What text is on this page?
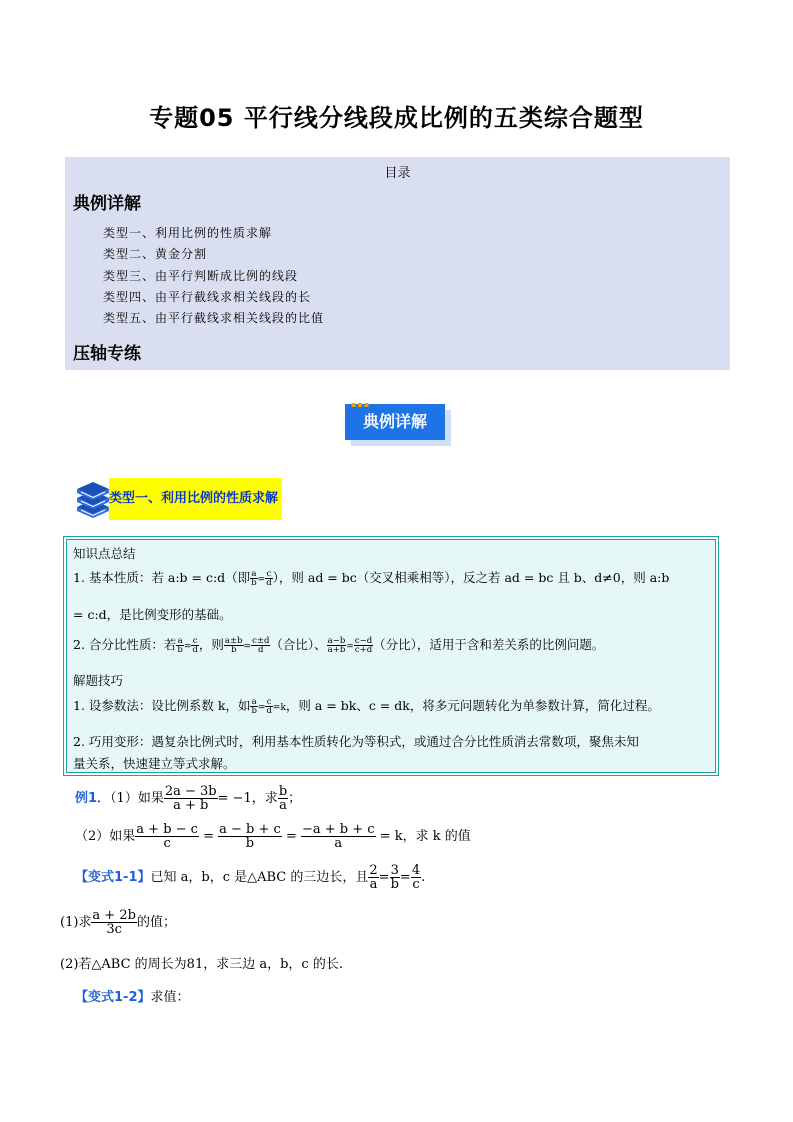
专题05 平行线分线段成比例的五类综合题型
目录
典例详解
类型一、利用比例的性质求解
类型二、黄金分割
类型三、由平行判断成比例的线段
类型四、由平行截线求相关线段的长
类型五、由平行截线求相关线段的比值
压轴专练
典例详解
▪▪▪
类型一、利用比例的性质求解
知识点总结
1. 基本性质：若 a:b = c:d（即 $\frac{a}{b} = \frac{c}{d}$ ），则 ad = bc（交叉相乘相等），反之若 ad = bc 且 b、d≠0，则 a:b
= c:d，是比例变形的基础。
2. 合分比性质：若 $\frac{a}{b} = \frac{c}{d}$ ，则 $\frac{a\pm b}{b} = \frac{c\pm d}{d}$ （合比）、 $\frac{a-b}{a+b} = \frac{c-d}{c+d}$ （分比），适用于含和差关系的比例问题。
解题技巧
1. 设参数法：设比例系数 k，如 $\frac{a}{b} = \frac{c}{d} =k$，则 a = bk、c = dk，将多元问题转化为单参数计算，简化过程。
2. 巧用变形：遇复杂比例式时，利用基本性质转化为等积式，或通过合分比性质消去常数项，聚焦未知
量关系，快速建立等式求解。
例1．（1）如果 $\frac{2a - 3b}{a + b} = -1$，求 $\frac{b}{a}$ ；
（2）如果 $\frac{a + b - c}{c} = \frac{a - b + c}{b} = \frac{-a + b + c}{a} = k$，求 k 的值
【变式1-1】已知 a，b，c 是△ABC 的三边长，且 $\frac{2}{a} = \frac{3}{b} = \frac{4}{c}$ .
(1)求 $\frac{a + 2b}{3c}$ 的值；
(2)若△ABC 的周长为81，求三边 a，b，c 的长.
【变式1-2】求值：
